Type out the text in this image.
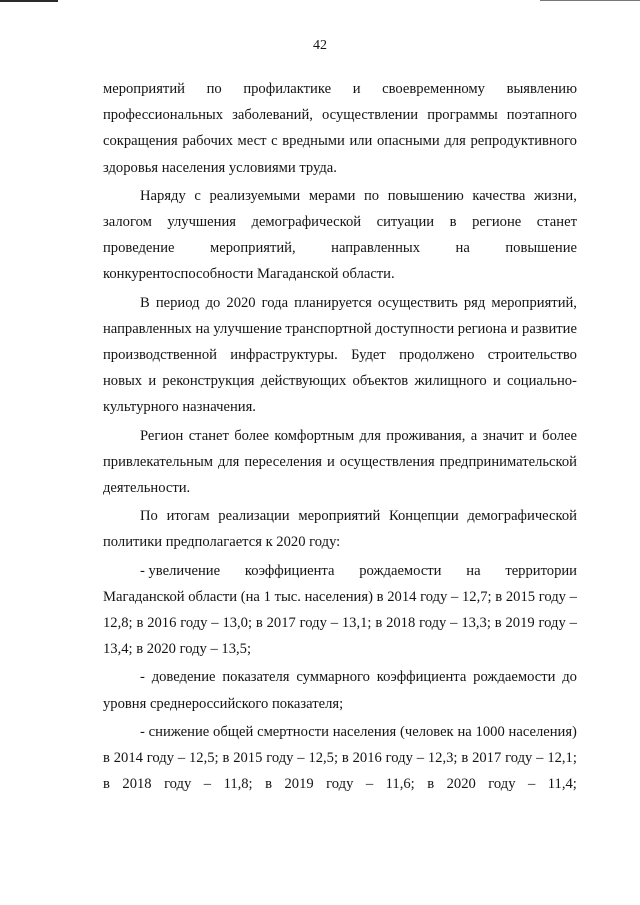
42
мероприятий по профилактике и своевременному выявлению
профессиональных заболеваний, осуществлении программы поэтапного
сокращения рабочих мест с вредными или опасными для репродуктивного
здоровья населения условиями труда.
Наряду с реализуемыми мерами по повышению качества жизни,
залогом улучшения демографической ситуации в регионе станет
проведение мероприятий, направленных на повышение
конкурентоспособности Магаданской области.
В период до 2020 года планируется осуществить ряд мероприятий,
направленных на улучшение транспортной доступности региона и развитие
производственной инфраструктуры. Будет продолжено строительство
новых и реконструкция действующих объектов жилищного и социально-
культурного назначения.
Регион станет более комфортным для проживания, а значит и более
привлекательным для переселения и осуществления предпринимательской
деятельности.
По итогам реализации мероприятий Концепции демографической
политики предполагается к 2020 году:
- увеличение коэффициента рождаемости на территории
Магаданской области (на 1 тыс. населения) в 2014 году – 12,7; в 2015 году –
12,8; в 2016 году – 13,0; в 2017 году – 13,1; в 2018 году – 13,3; в 2019 году –
13,4; в 2020 году – 13,5;
- доведение показателя суммарного коэффициента рождаемости до
уровня среднероссийского показателя;
- снижение общей смертности населения (человек на 1000 населения)
в 2014 году – 12,5; в 2015 году – 12,5; в 2016 году – 12,3; в 2017 году – 12,1;
в 2018 году – 11,8; в 2019 году – 11,6; в 2020 году – 11,4;
